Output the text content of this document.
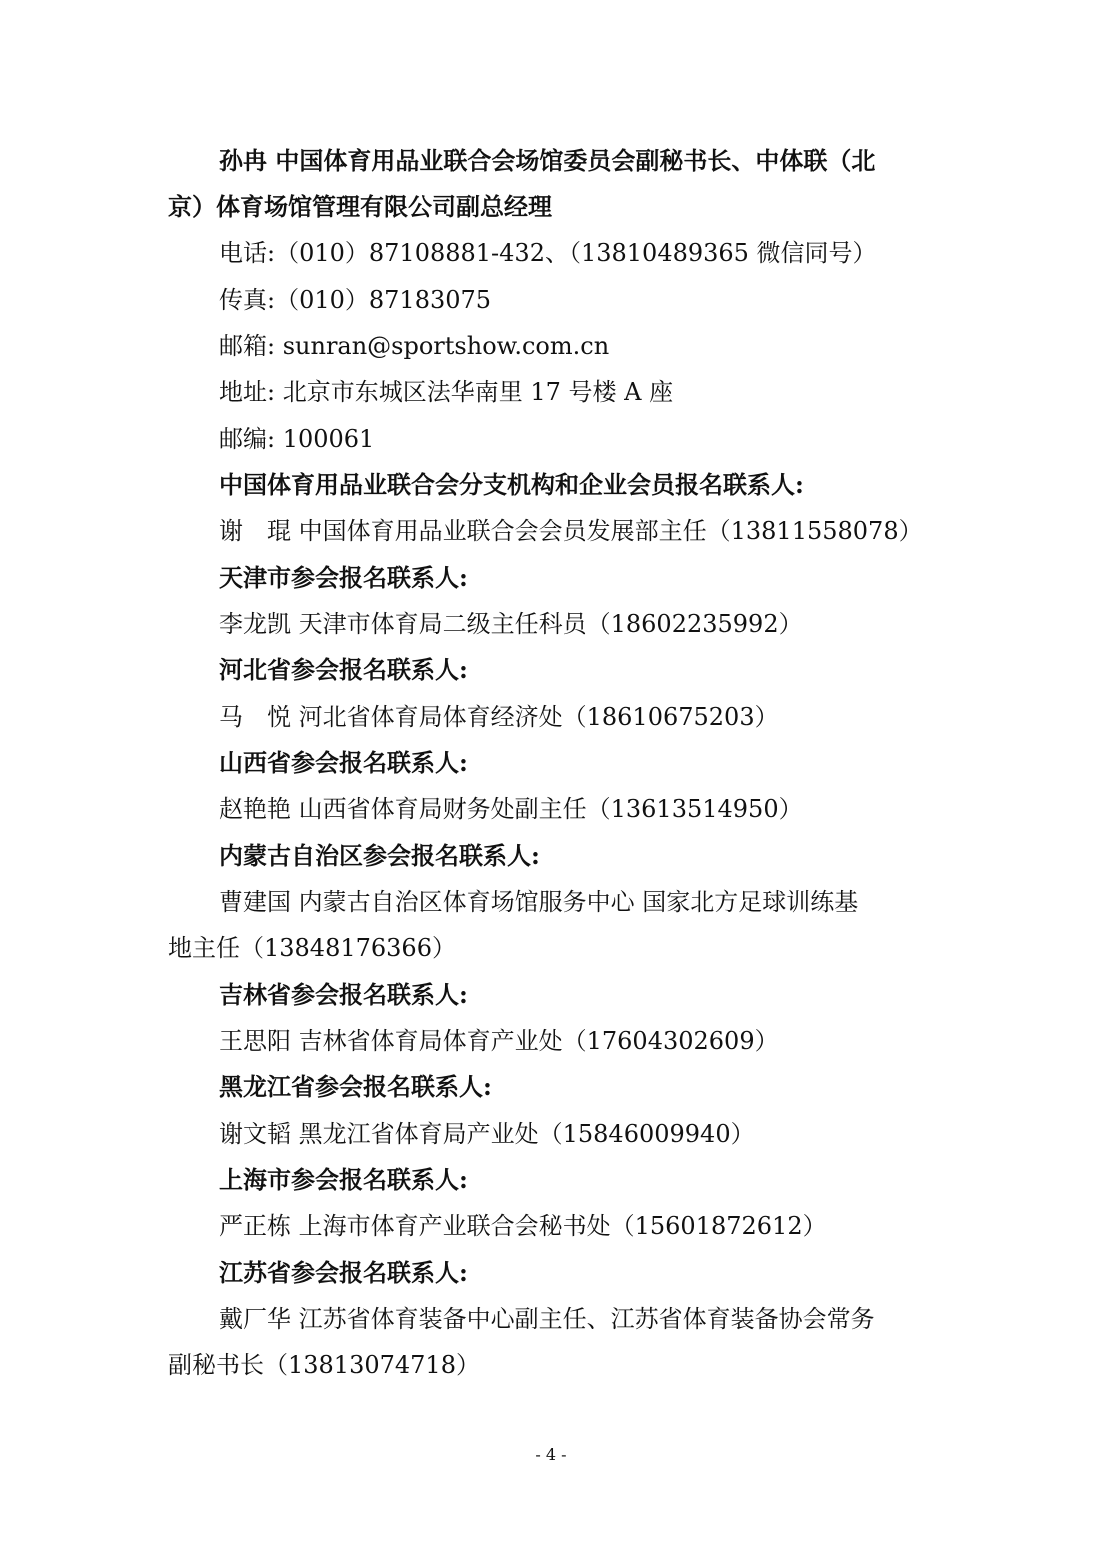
孙冉 中国体育用品业联合会场馆委员会副秘书长、中体联（北
京）体育场馆管理有限公司副总经理
电话:（010）87108881-432、（13810489365 微信同号）
传真:（010）87183075
邮箱: sunran@sportshow.com.cn
地址: 北京市东城区法华南里 17 号楼 A 座
邮编: 100061
中国体育用品业联合会分支机构和企业会员报名联系人:
谢　琨 中国体育用品业联合会会员发展部主任（13811558078）
天津市参会报名联系人:
李龙凯 天津市体育局二级主任科员（18602235992）
河北省参会报名联系人:
马　悦 河北省体育局体育经济处（18610675203）
山西省参会报名联系人:
赵艳艳 山西省体育局财务处副主任（13613514950）
内蒙古自治区参会报名联系人:
曹建国 内蒙古自治区体育场馆服务中心 国家北方足球训练基
地主任（13848176366）
吉林省参会报名联系人:
王思阳 吉林省体育局体育产业处（17604302609）
黑龙江省参会报名联系人:
谢文韬 黑龙江省体育局产业处（15846009940）
上海市参会报名联系人:
严正栋 上海市体育产业联合会秘书处（15601872612）
江苏省参会报名联系人:
戴厂华 江苏省体育装备中心副主任、江苏省体育装备协会常务
副秘书长（13813074718）
- 4 -
